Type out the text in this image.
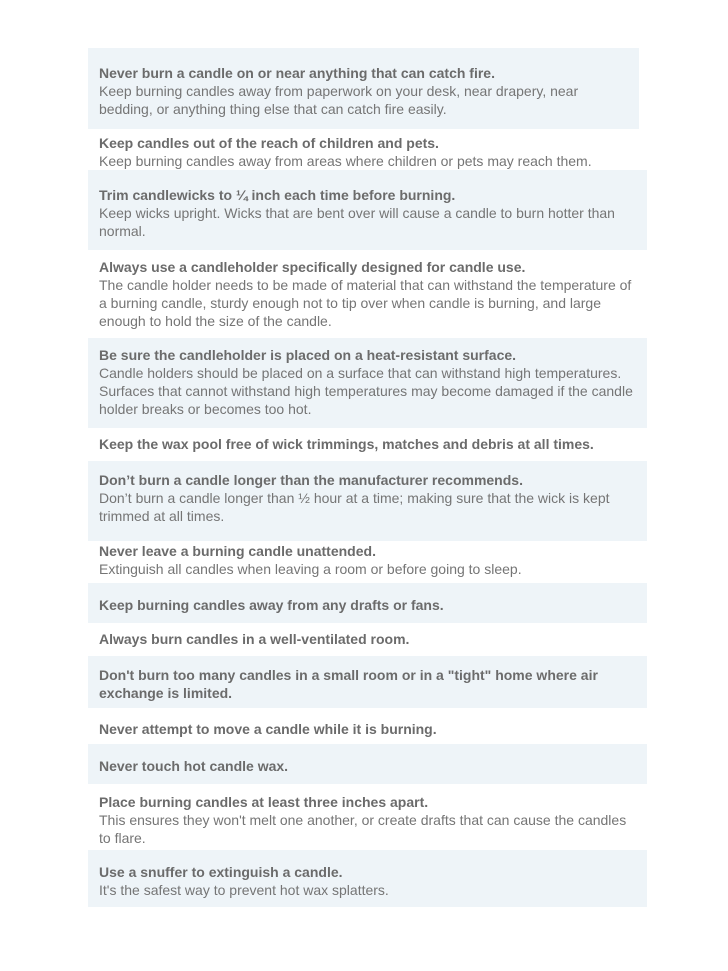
Never burn a candle on or near anything that can catch fire.
Keep burning candles away from paperwork on your desk, near drapery, near bedding, or anything thing else that can catch fire easily.
Keep candles out of the reach of children and pets.
Keep burning candles away from areas where children or pets may reach them.
Trim candlewicks to ¼ inch each time before burning.
Keep wicks upright. Wicks that are bent over will cause a candle to burn hotter than normal.
Always use a candleholder specifically designed for candle use.
The candle holder needs to be made of material that can withstand the temperature of a burning candle, sturdy enough not to tip over when candle is burning, and large enough to hold the size of the candle.
Be sure the candleholder is placed on a heat-resistant surface.
Candle holders should be placed on a surface that can withstand high temperatures. Surfaces that cannot withstand high temperatures may become damaged if the candle holder breaks or becomes too hot.
Keep the wax pool free of wick trimmings, matches and debris at all times.
Don’t burn a candle longer than the manufacturer recommends.
Don’t burn a candle longer than ½ hour at a time; making sure that the wick is kept trimmed at all times.
Never leave a burning candle unattended.
Extinguish all candles when leaving a room or before going to sleep.
Keep burning candles away from any drafts or fans.
Always burn candles in a well-ventilated room.
Don't burn too many candles in a small room or in a "tight" home where air exchange is limited.
Never attempt to move a candle while it is burning.
Never touch hot candle wax.
Place burning candles at least three inches apart.
This ensures they won't melt one another, or create drafts that can cause the candles to flare.
Use a snuffer to extinguish a candle.
It's the safest way to prevent hot wax splatters.
